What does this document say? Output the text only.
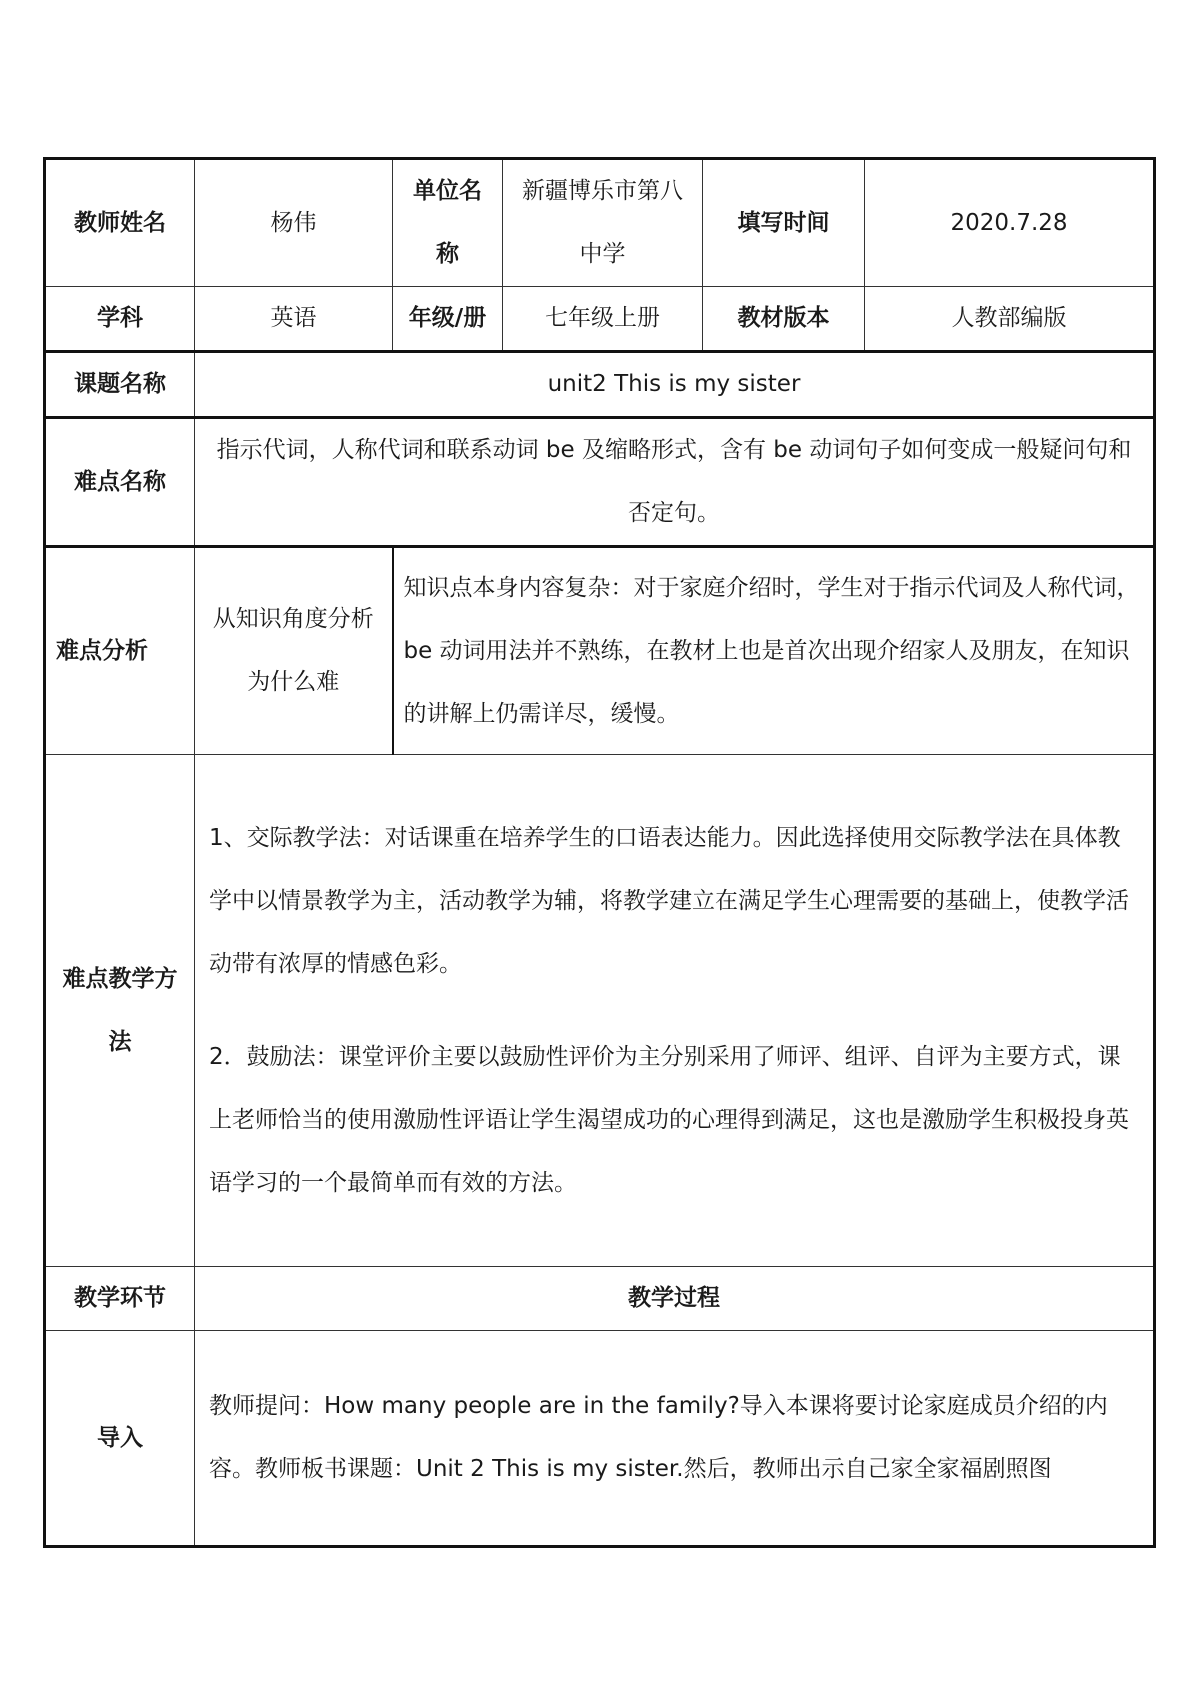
教师姓名	杨伟	单位名称	新疆博乐市第八中学	填写时间	2020.7.28
学科	英语	年级/册	七年级上册	教材版本	人教部编版
课题名称	unit2 This is my sister				
难点名称	指示代词，人称代词和联系动词 be 及缩略形式，含有 be 动词句子如何变成一般疑问句和否定句。				
难点分析	从知识角度分析为什么难	知识点本身内容复杂：对于家庭介绍时，学生对于指示代词及人称代词，be 动词用法并不熟练，在教材上也是首次出现介绍家人及朋友，在知识的讲解上仍需详尽，缓慢。			
难点教学方法	1、交际教学法：对话课重在培养学生的口语表达能力。因此选择使用交际教学法在具体教学中以情景教学为主，活动教学为辅，将教学建立在满足学生心理需要的基础上，使教学活动带有浓厚的情感色彩。
2．鼓励法：课堂评价主要以鼓励性评价为主分别采用了师评、组评、自评为主要方式，课上老师恰当的使用激励性评语让学生渴望成功的心理得到满足，这也是激励学生积极投身英语学习的一个最简单而有效的方法。				

教学环节	教学过程				
导入	教师提问：How many people are in the family?导入本课将要讨论家庭成员介绍的内容。教师板书课题：Unit 2 This is my sister.然后，教师出示自己家全家福剧照图				
